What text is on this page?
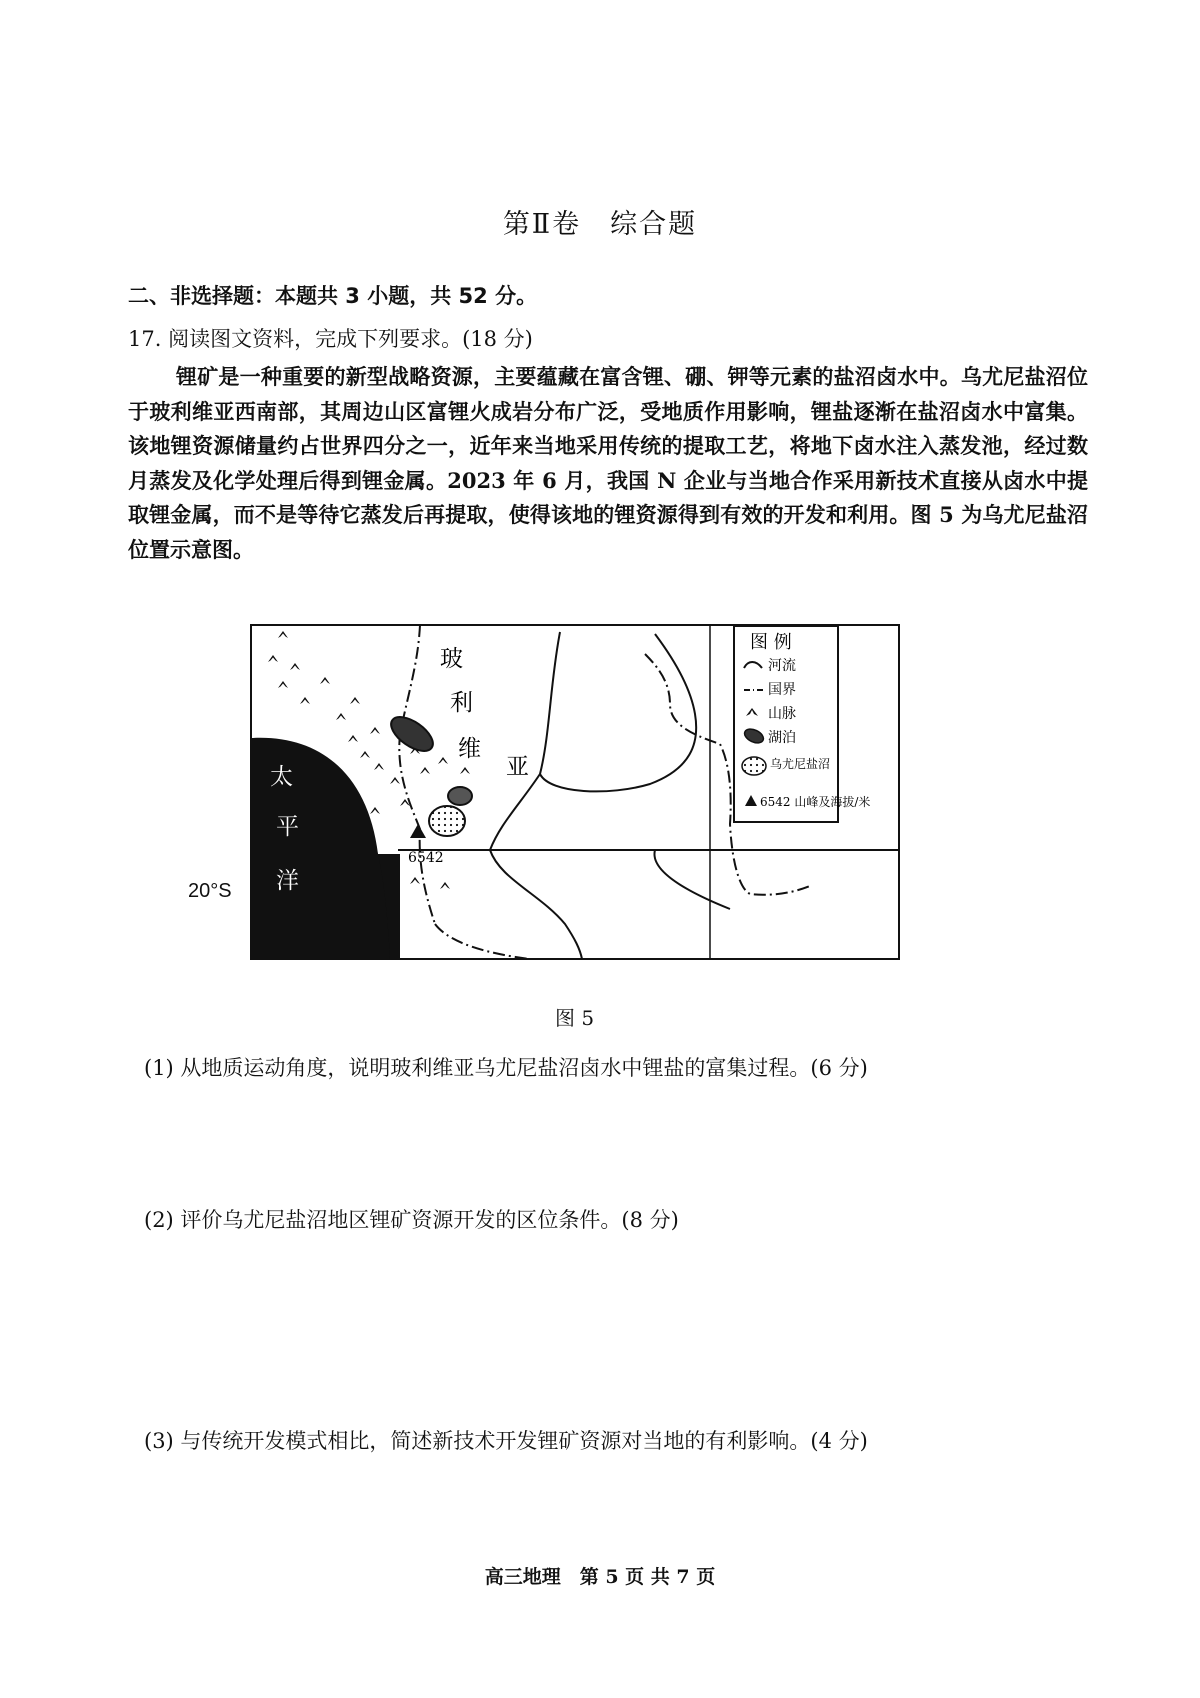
第Ⅱ卷　综合题
二、非选择题：本题共 3 小题，共 52 分。
17. 阅读图文资料，完成下列要求。(18 分)
锂矿是一种重要的新型战略资源，主要蕴藏在富含锂、硼、钾等元素的盐沼卤水中。乌尤尼盐沼位于玻利维亚西南部，其周边山区富锂火成岩分布广泛，受地质作用影响，锂盐逐渐在盐沼卤水中富集。该地锂资源储量约占世界四分之一，近年来当地采用传统的提取工艺，将地下卤水注入蒸发池，经过数月蒸发及化学处理后得到锂金属。2023 年 6 月，我国 N 企业与当地合作采用新技术直接从卤水中提取锂金属，而不是等待它蒸发后再提取，使得该地的锂资源得到有效的开发和利用。图 5 为乌尤尼盐沼位置示意图。
20°S
6542
玻
利
维
亚
太
平
洋
图 例
河流
国界
山脉
湖泊
乌尤尼盐沼
6542 山峰及海拔/米
图 5
(1) 从地质运动角度，说明玻利维亚乌尤尼盐沼卤水中锂盐的富集过程。(6 分)
(2) 评价乌尤尼盐沼地区锂矿资源开发的区位条件。(8 分)
(3) 与传统开发模式相比，简述新技术开发锂矿资源对当地的有利影响。(4 分)
高三地理　第 5 页 共 7 页
